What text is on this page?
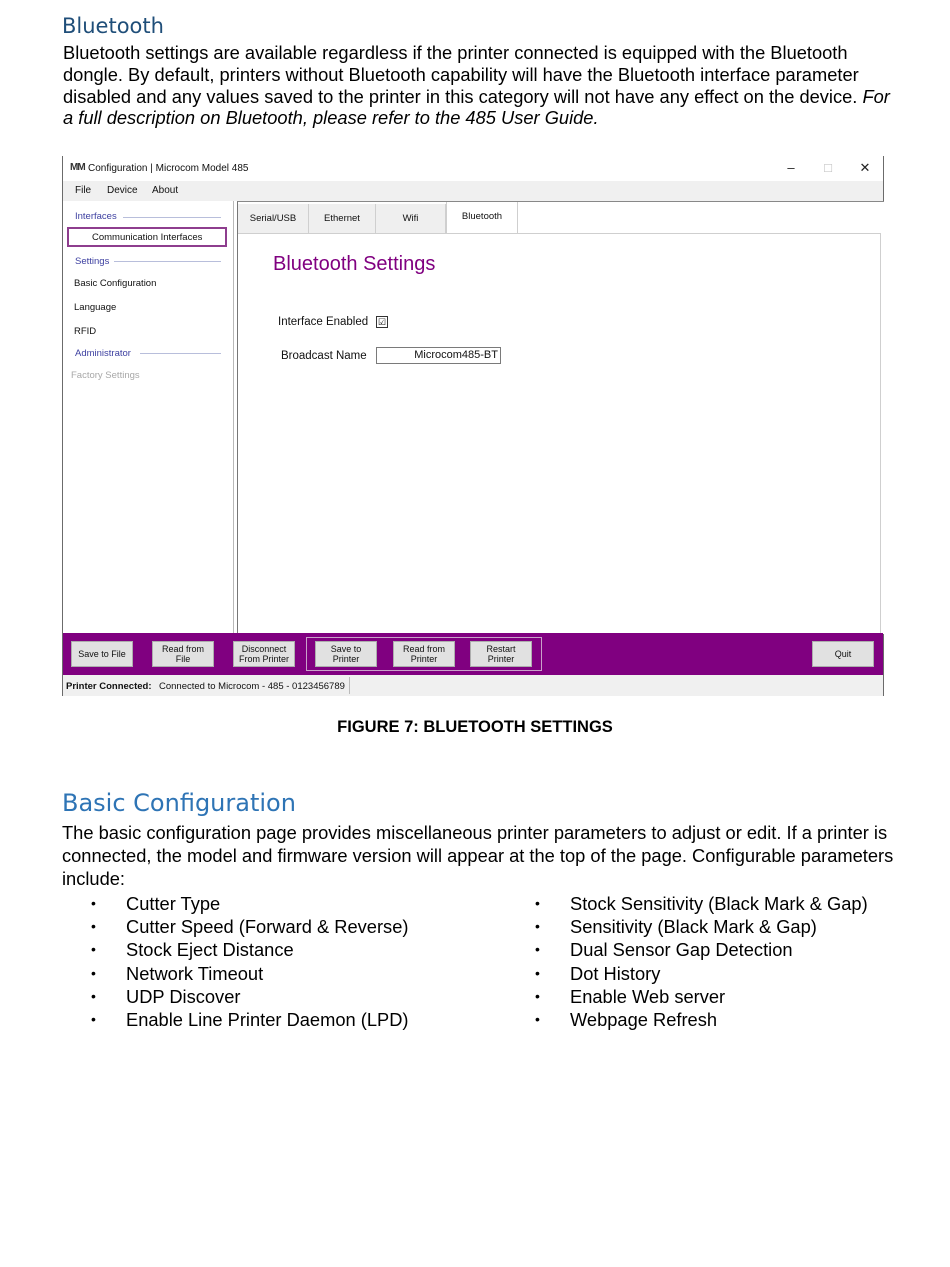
Bluetooth

Bluetooth settings are available regardless if the printer connected is equipped with the Bluetooth dongle. By default, printers without Bluetooth capability will have the Bluetooth interface parameter disabled and any values saved to the printer in this category will not have any effect on the device. For a full description on Bluetooth, please refer to the 485 User Guide.

MM Configuration | Microcom Model 485	–	□	✕
File Device About
Interfaces
Communication Interfaces
Settings
Basic Configuration
Language
RFID
Administrator
Factory Settings
Serial/USB	Ethernet	Wifi	Bluetooth
Bluetooth Settings
Interface Enabled ☑
Broadcast Name	Microcom485-BT
Save to File	Read from
File
Disconnect
From Printer
Save to
Printer
Read from
Printer
Restart
Printer	Quit
Printer Connected: Connected to Microcom - 485 - 0123456789
FIGURE 7: BLUETOOTH SETTINGS
Basic Configuration

The basic configuration page provides miscellaneous printer parameters to adjust or edit. If a printer is connected, the model and firmware version will appear at the top of the page. Configurable parameters include:

• Cutter Type
• Cutter Speed (Forward & Reverse)
• Stock Eject Distance
• Network Timeout
• UDP Discover
• Enable Line Printer Daemon (LPD)
• Stock Sensitivity (Black Mark & Gap)
• Sensitivity (Black Mark & Gap)
• Dual Sensor Gap Detection
• Dot History
• Enable Web server
• Webpage Refresh
